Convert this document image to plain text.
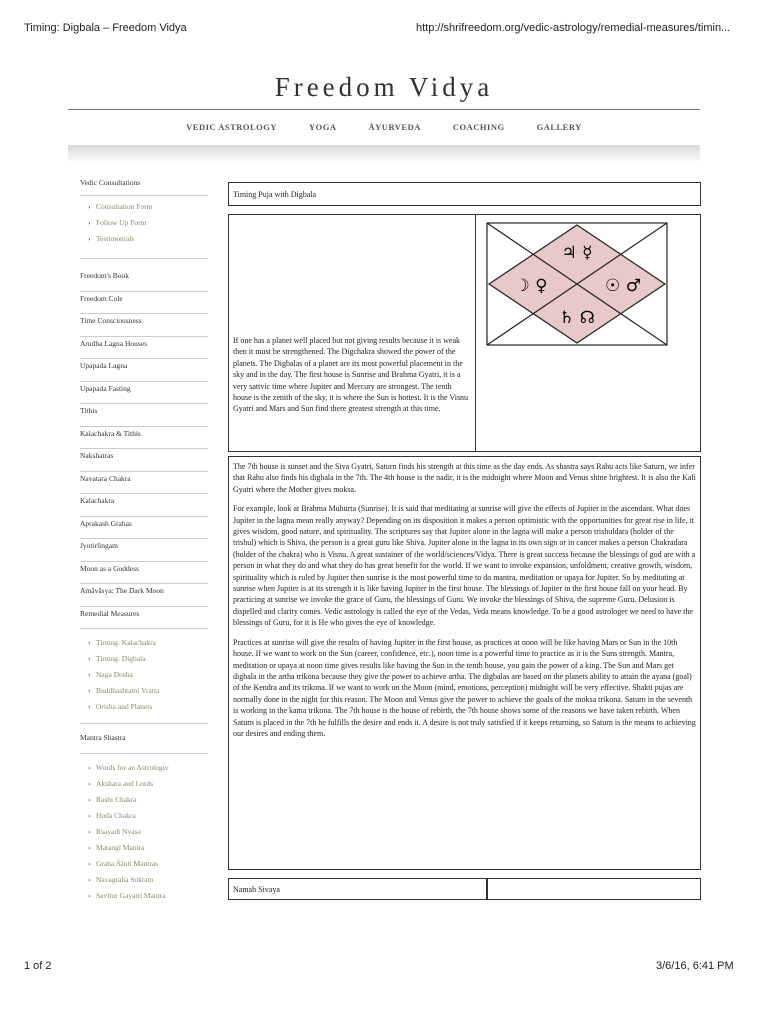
Timing: Digbala – Freedom Vidya	http://shrifreedom.org/vedic-astrology/remedial-measures/timin...
1 of 2	3/6/16, 6:41 PM
Freedom Vidya
VEDIC ASTROLOGY	YOGA	ĀYURVEDA	COACHING	GALLERY
Vedic Consultations
› Consultation Form
› Follow Up Form
› Testimonials
Freedom's Book
Freedom Cole
Time Consciousness
Arudha Lagna Houses
Upapada Lagna
Upapada Fasting
Tithis
Kalachakra & Tithis
Nakshatras
Navatara Chakra
Kalachakra
Aprakash Grahas
Jyotirlingam
Moon as a Goddess
Amāvāsya: The Dark Moon
Remedial Measures
› Timing: Kalachakra
› Timing: Digbala
› Naga Dosha
› Buddhashtami Vratta
› Orisha and Planets
Mantra Shastra
› Words for an Astrologer
› Akshara and Lords
› Rashi Chakra
› Hoda Chakra
› Rsayadi Nyasa
› Matangi Mantra
› Graha Śānti Mantras
› Navagraha Suktam
› Savitur Gayatri Mantra
Timing Puja with Digbala
If one has a planet well placed but not giving results because it is weak then it must be strengthened. The Digchakra showed the power of the planets. The Digbalas of a planet are its most powerful placement in the sky and in the day. The first house is Sunrise and Brahma Gyatri, it is a very sattvic time where Jupiter and Mercury are strongest. The tenth house is the zenith of the sky, it is where the Sun is hottest. It is the Visnu Gyatri and Mars and Sun find there greatest strength at this time.
♃ ☿
☽ ♀	☉ ♂
♄ ☊

The 7th house is sunset and the Siva Gyatri, Saturn finds his strength at this time as the day ends. As shastra says Rahu acts like Saturn, we infer that Rahu also finds his digbala in the 7th. The 4th house is the nadir, it is the midnight where Moon and Venus shine brightest. It is also the Kali Gyatri where the Mother gives moksa.

For example, look at Brahma Muhurta (Sunrise). It is said that meditating at sunrise will give the effects of Jupiter in the ascendant. What does Jupiter in the lagna mean really anyway? Depending on its disposition it makes a person optimistic with the opportunities for great rise in life, it gives wisdom, good nature, and spirituality. The scriptures say that Jupiter alone in the lagna will make a person trishuldara (holder of the trishul) which is Shiva, the person is a great guru like Shiva. Jupiter alone in the lagna in its own sign or in cancer makes a person Chakradara (holder of the chakra) who is Visnu. A great sustainer of the world/sciences/Vidya. There is great success because the blessings of god are with a person in what they do and what they do has great benefit for the world. If we want to invoke expansion, unfoldment, creative growth, wisdom, spirituality which is ruled by Jupiter then sunrise is the most powerful time to do mantra, meditation or upaya for Jupiter. So by meditating at sunrise when Jupiter is at its strength it is like having Jupiter in the first house. The blessings of Jupiter in the first house fall on your head. By practicing at sunrise we invoke the grace of Guru, the blessings of Guru. We invoke the blessings of Shiva, the supreme Guru. Delusion is dispelled and clarity comes. Vedic astrology is called the eye of the Vedas, Veda means knowledge. To be a good astrologer we need to have the blessings of Guru, for it is He who gives the eye of knowledge.

Practices at sunrise will give the results of having Jupiter in the first house, as practices at noon will be like having Mars or Sun in the 10th house. If we want to work on the Sun (career, confidence, etc.), noon time is a powerful time to practice as it is the Suns strength. Mantra, meditation or upaya at noon time gives results like having the Sun in the tenth house, you gain the power of a king. The Sun and Mars get digbala in the artha trikona because they give the power to achieve artha. The digbalas are based on the planets ability to attain the ayana (goal) of the Kendra and its trikona. If we want to work on the Moon (mind, emotions, perception) midnight will be very effective. Shakti pujas are normally done in the night for this reason. The Moon and Venus give the power to achieve the goals of the moksa trikona. Saturn in the seventh is working in the kama trikona. The 7th house is the house of rebirth, the 7th house shows some of the reasons we have taken rebirth. When Saturn is placed in the 7th he fulfills the desire and ends it. A desire is not truly satisfied if it keeps returning, so Saturn is the means to achieving our desires and ending them.

Namah Sivaya
